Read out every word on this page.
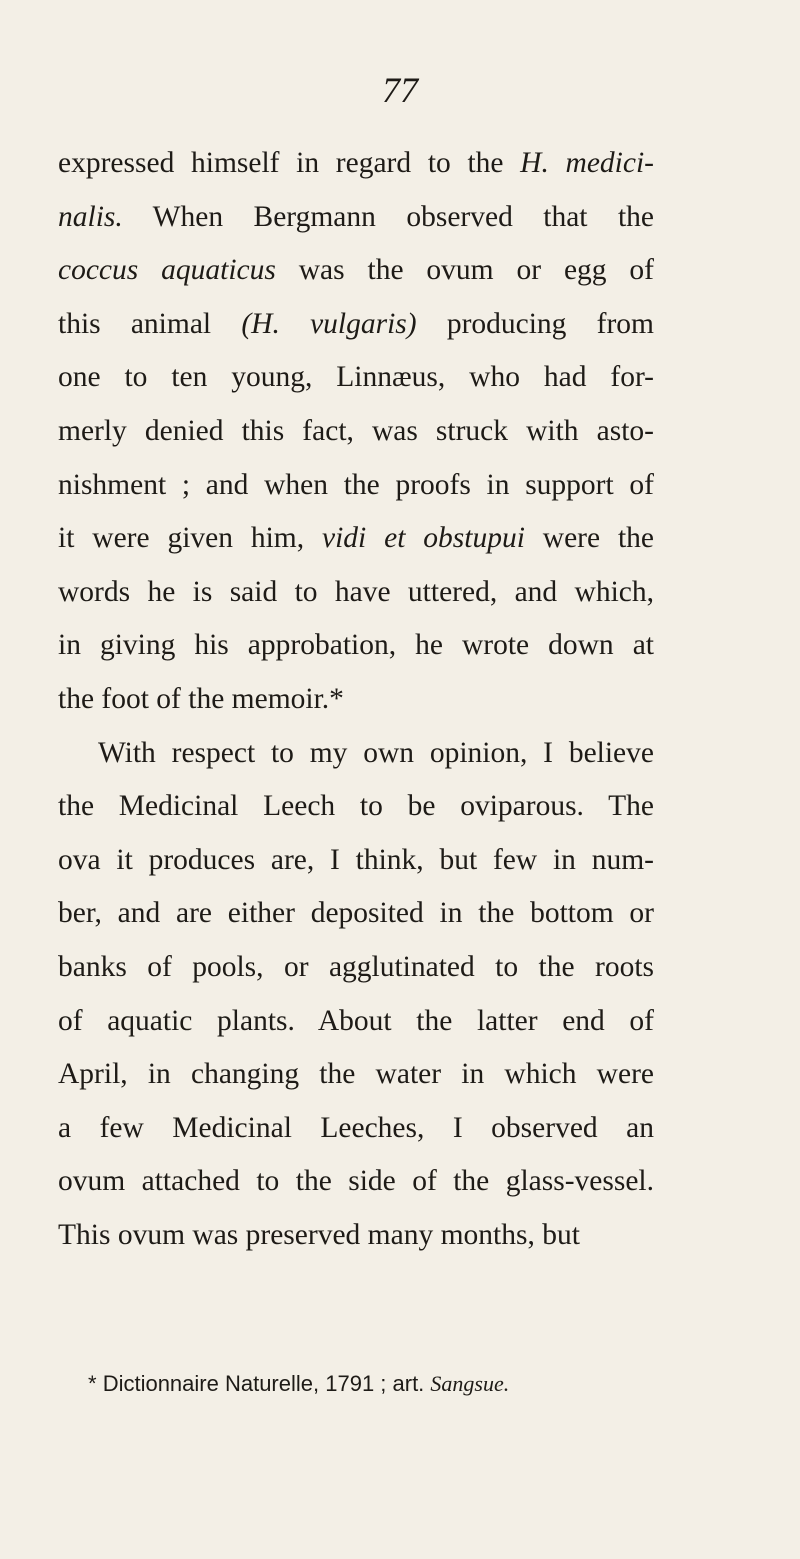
77
expressed himself in regard to the H. medici-
nalis. When Bergmann observed that the
coccus aquaticus was the ovum or egg of
this animal (H. vulgaris) producing from
one to ten young, Linnæus, who had for-
merly denied this fact, was struck with asto-
nishment ; and when the proofs in support of
it were given him, vidi et obstupui were the
words he is said to have uttered, and which,
in giving his approbation, he wrote down at
the foot of the memoir.*
With respect to my own opinion, I believe
the Medicinal Leech to be oviparous. The
ova it produces are, I think, but few in num-
ber, and are either deposited in the bottom or
banks of pools, or agglutinated to the roots
of aquatic plants. About the latter end of
April, in changing the water in which were
a few Medicinal Leeches, I observed an
ovum attached to the side of the glass-vessel.
This ovum was preserved many months, but
* Dictionnaire Naturelle, 1791 ; art. Sangsue.
